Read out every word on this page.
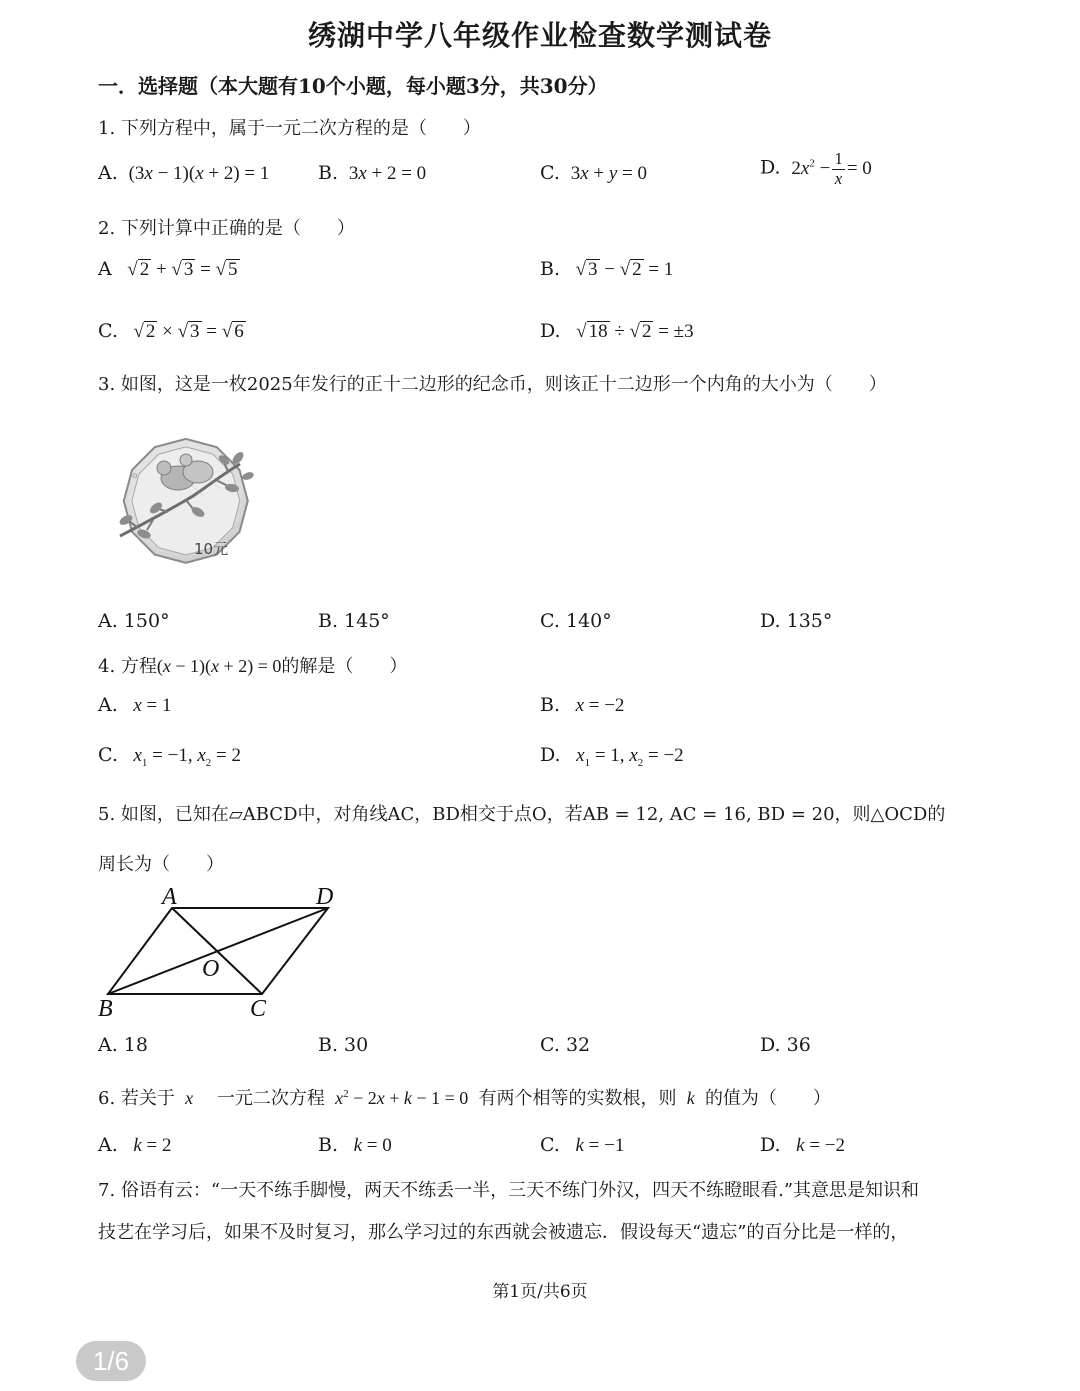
绣湖中学八年级作业检查数学测试卷
一．选择题（本大题有10个小题，每小题3分，共30分）
1. 下列方程中，属于一元二次方程的是（　　）
A.  (3x − 1)(x + 2) = 1	B.  3x + 2 = 0	C.  3x + y = 0	D.  $2x^2 - \frac{1}{x} = 0$
2. 下列计算中正确的是（　　）
A   √ 2 + √ 3 = √ 5	B.   √ 3 − √ 2 = 1
C.   √ 2 × √ 3 = √ 6	D.   √ 18 ÷ √ 2 = ±3
3. 如图，这是一枚2025年发行的正十二边形的纪念币，则该正十二边形一个内角的大小为（　　）
10元
⊙
A. 150°	B. 145°	C. 140°	D. 135°
4. 方程(x − 1)(x + 2) = 0的解是（　　）
A. x = 1	B. x = −2
C. $x_1 = -1$, $x_2 = 2$	D. $x_1 = 1$, $x_2 = -2$
5. 如图，已知在▱ABCD中，对角线AC，BD相交于点O，若AB = 12, AC = 16, BD = 20，则△OCD的
周长为（　　）
A	D
B	C
O
A. 18	B. 30	C. 32	D. 36
6. 若关于  x     一元二次方程 $x^2 - 2x + k - 1 = 0$  有两个相等的实数根，则  k  的值为（　　）
A. k = 2	B. k = 0	C. k = −1	D. k = −2
7. 俗语有云：“一天不练手脚慢，两天不练丢一半，三天不练门外汉，四天不练瞪眼看.”其意思是知识和
技艺在学习后，如果不及时复习，那么学习过的东西就会被遗忘．假设每天“遗忘”的百分比是一样的，
第1页/共6页
1/6
